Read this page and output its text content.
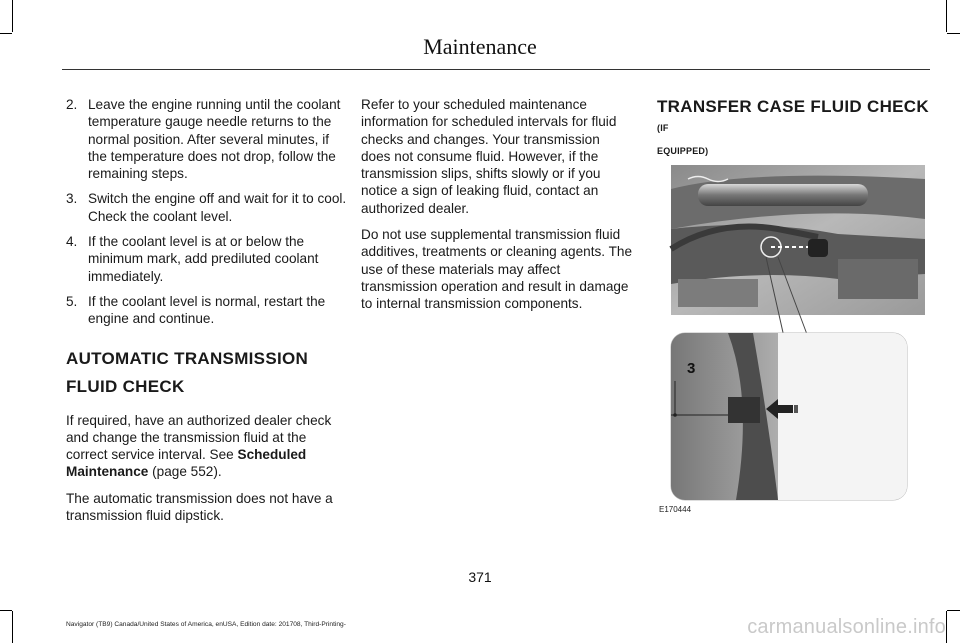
Maintenance
2. Leave the engine running until the coolant temperature gauge needle returns to the normal position. After several minutes, if the temperature does not drop, follow the remaining steps.
3. Switch the engine off and wait for it to cool. Check the coolant level.
4. If the coolant level is at or below the minimum mark, add prediluted coolant immediately.
5. If the coolant level is normal, restart the engine and continue.
AUTOMATIC TRANSMISSION
FLUID CHECK

If required, have an authorized dealer check and change the transmission fluid at the correct service interval. See Scheduled Maintenance (page 552).

The automatic transmission does not have a transmission fluid dipstick.

Refer to your scheduled maintenance information for scheduled intervals for fluid checks and changes. Your transmission does not consume fluid. However, if the transmission slips, shifts slowly or if you notice a sign of leaking fluid, contact an authorized dealer.

Do not use supplemental transmission fluid additives, treatments or cleaning agents. The use of these materials may affect transmission operation and result in damage to internal transmission components.

TRANSFER CASE FLUID CHECK (IF
EQUIPPED)
3
E170444
371
Navigator (TB9) Canada/United States of America, enUSA, Edition date: 201708, Third-Printing-	carmanualsonline.info
